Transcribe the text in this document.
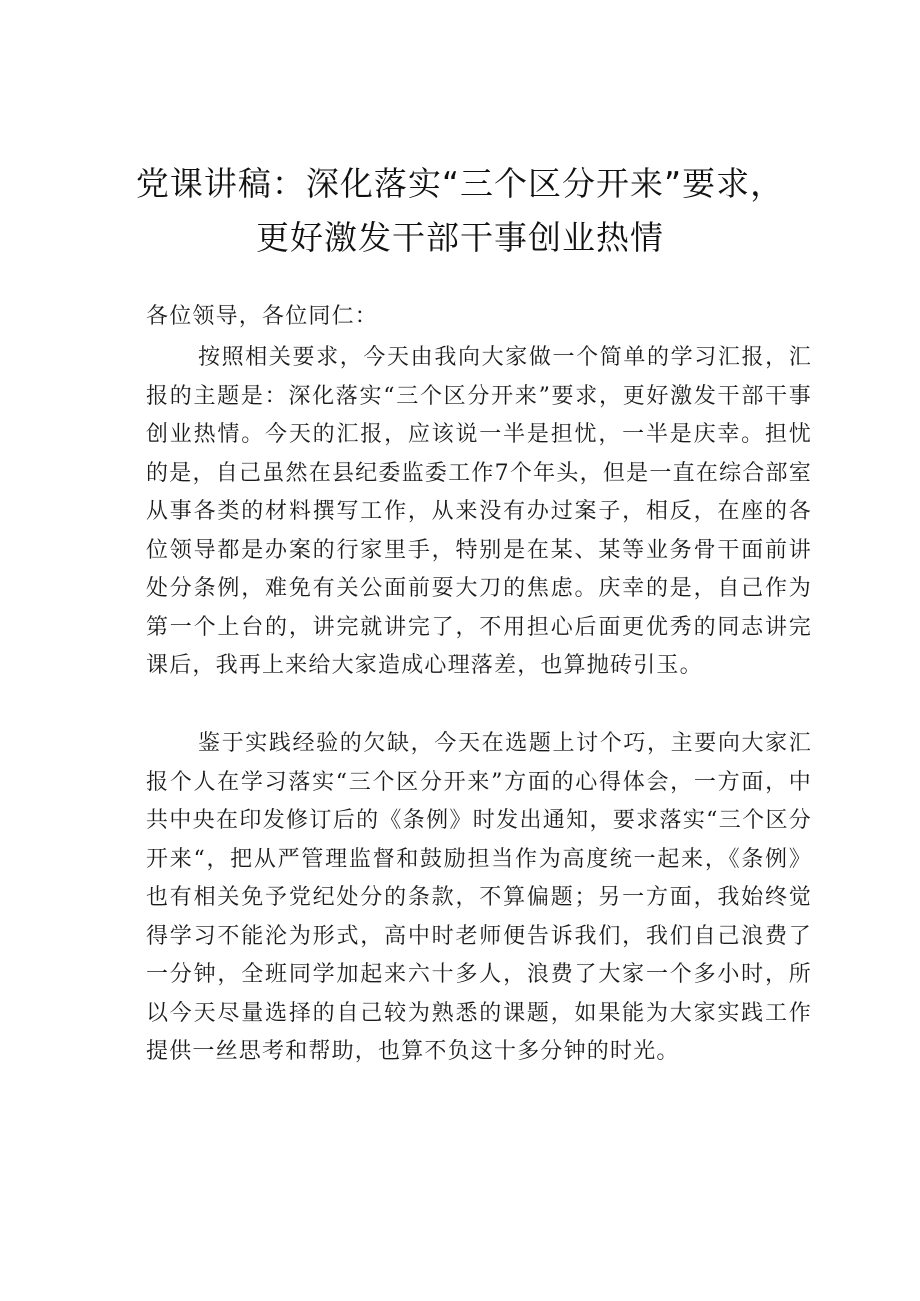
党课讲稿：深化落实“三个区分开来”要求，
更好激发干部干事创业热情

各位领导，各位同仁：

按照相关要求，今天由我向大家做一个简单的学习汇报，汇报的主题是：深化落实“三个区分开来”要求，更好激发干部干事创业热情。今天的汇报，应该说一半是担忧，一半是庆幸。担忧的是，自己虽然在县纪委监委工作7个年头，但是一直在综合部室从事各类的材料撰写工作，从来没有办过案子，相反，在座的各位领导都是办案的行家里手，特别是在某、某等业务骨干面前讲处分条例，难免有关公面前耍大刀的焦虑。庆幸的是，自己作为第一个上台的，讲完就讲完了，不用担心后面更优秀的同志讲完课后，我再上来给大家造成心理落差，也算抛砖引玉。

鉴于实践经验的欠缺，今天在选题上讨个巧，主要向大家汇报个人在学习落实“三个区分开来”方面的心得体会，一方面，中共中央在印发修订后的《条例》时发出通知，要求落实“三个区分开来“，把从严管理监督和鼓励担当作为高度统一起来，《条例》也有相关免予党纪处分的条款，不算偏题；另一方面，我始终觉得学习不能沦为形式，高中时老师便告诉我们，我们自己浪费了一分钟，全班同学加起来六十多人，浪费了大家一个多小时，所以今天尽量选择的自己较为熟悉的课题，如果能为大家实践工作提供一丝思考和帮助，也算不负这十多分钟的时光。
